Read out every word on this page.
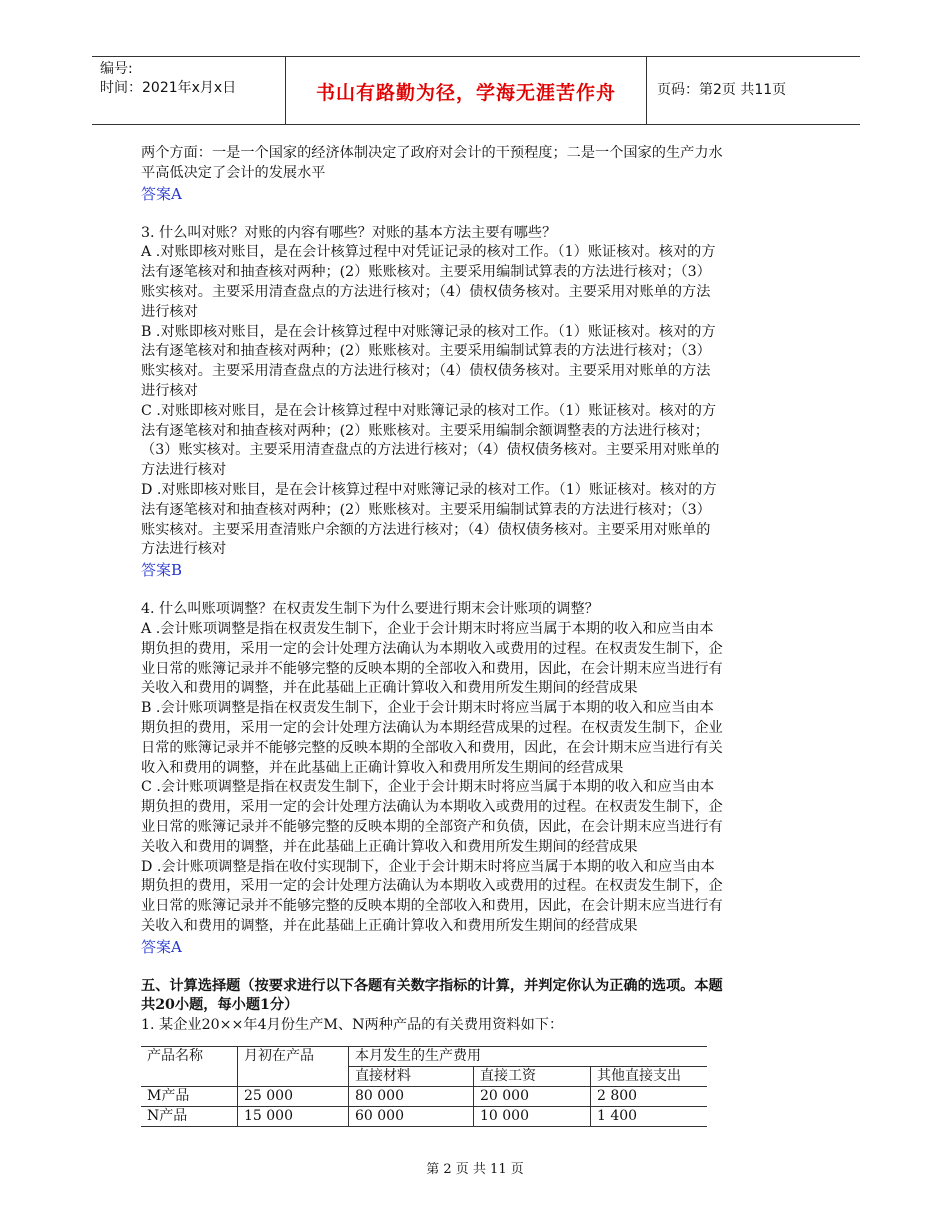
编号:
时间：2021年x月x日	书山有路勤为径，学海无涯苦作舟	页码：第2页 共11页

两个方面：一是一个国家的经济体制决定了政府对会计的干预程度；二是一个国家的生产力水

平高低决定了会计的发展水平

答案A

3. 什么叫对账？对账的内容有哪些？对账的基本方法主要有哪些？

A .对账即核对账目，是在会计核算过程中对凭证记录的核对工作。（1）账证核对。核对的方

法有逐笔核对和抽查核对两种；(2）账账核对。主要采用编制试算表的方法进行核对；（3）

账实核对。主要采用清查盘点的方法进行核对；（4）债权债务核对。主要采用对账单的方法

进行核对

B .对账即核对账目，是在会计核算过程中对账簿记录的核对工作。（1）账证核对。核对的方

法有逐笔核对和抽查核对两种；(2）账账核对。主要采用编制试算表的方法进行核对；（3）

账实核对。主要采用清查盘点的方法进行核对；（4）债权债务核对。主要采用对账单的方法

进行核对

C .对账即核对账目，是在会计核算过程中对账簿记录的核对工作。（1）账证核对。核对的方

法有逐笔核对和抽查核对两种；(2）账账核对。主要采用编制余额调整表的方法进行核对；

（3）账实核对。主要采用清查盘点的方法进行核对；（4）债权债务核对。主要采用对账单的

方法进行核对

D .对账即核对账目，是在会计核算过程中对账簿记录的核对工作。（1）账证核对。核对的方

法有逐笔核对和抽查核对两种；(2）账账核对。主要采用编制试算表的方法进行核对；（3）

账实核对。主要采用查清账户余额的方法进行核对；（4）债权债务核对。主要采用对账单的

方法进行核对

答案B

4. 什么叫账项调整？在权责发生制下为什么要进行期末会计账项的调整？

A .会计账项调整是指在权责发生制下，企业于会计期末时将应当属于本期的收入和应当由本

期负担的费用，采用一定的会计处理方法确认为本期收入或费用的过程。在权责发生制下，企

业日常的账簿记录并不能够完整的反映本期的全部收入和费用，因此，在会计期末应当进行有

关收入和费用的调整，并在此基础上正确计算收入和费用所发生期间的经营成果

B .会计账项调整是指在权责发生制下，企业于会计期末时将应当属于本期的收入和应当由本

期负担的费用，采用一定的会计处理方法确认为本期经营成果的过程。在权责发生制下，企业

日常的账簿记录并不能够完整的反映本期的全部收入和费用，因此，在会计期末应当进行有关

收入和费用的调整，并在此基础上正确计算收入和费用所发生期间的经营成果

C .会计账项调整是指在权责发生制下，企业于会计期末时将应当属于本期的收入和应当由本

期负担的费用，采用一定的会计处理方法确认为本期收入或费用的过程。在权责发生制下，企

业日常的账簿记录并不能够完整的反映本期的全部资产和负债，因此，在会计期末应当进行有

关收入和费用的调整，并在此基础上正确计算收入和费用所发生期间的经营成果

D .会计账项调整是指在收付实现制下，企业于会计期末时将应当属于本期的收入和应当由本

期负担的费用，采用一定的会计处理方法确认为本期收入或费用的过程。在权责发生制下，企

业日常的账簿记录并不能够完整的反映本期的全部收入和费用，因此，在会计期末应当进行有

关收入和费用的调整，并在此基础上正确计算收入和费用所发生期间的经营成果

答案A

五、计算选择题（按要求进行以下各题有关数字指标的计算，并判定你认为正确的选项。本题

共20小题，每小题1分）

1. 某企业20××年4月份生产M、N两种产品的有关费用资料如下：

产品名称	月初在产品	本月发生的生产费用		
		直接材料	直接工资	其他直接支出
M产品	25 000	80 000	20 000	2 800
N产品	15 000	60 000	10 000	1 400
第 2 页 共 11 页
